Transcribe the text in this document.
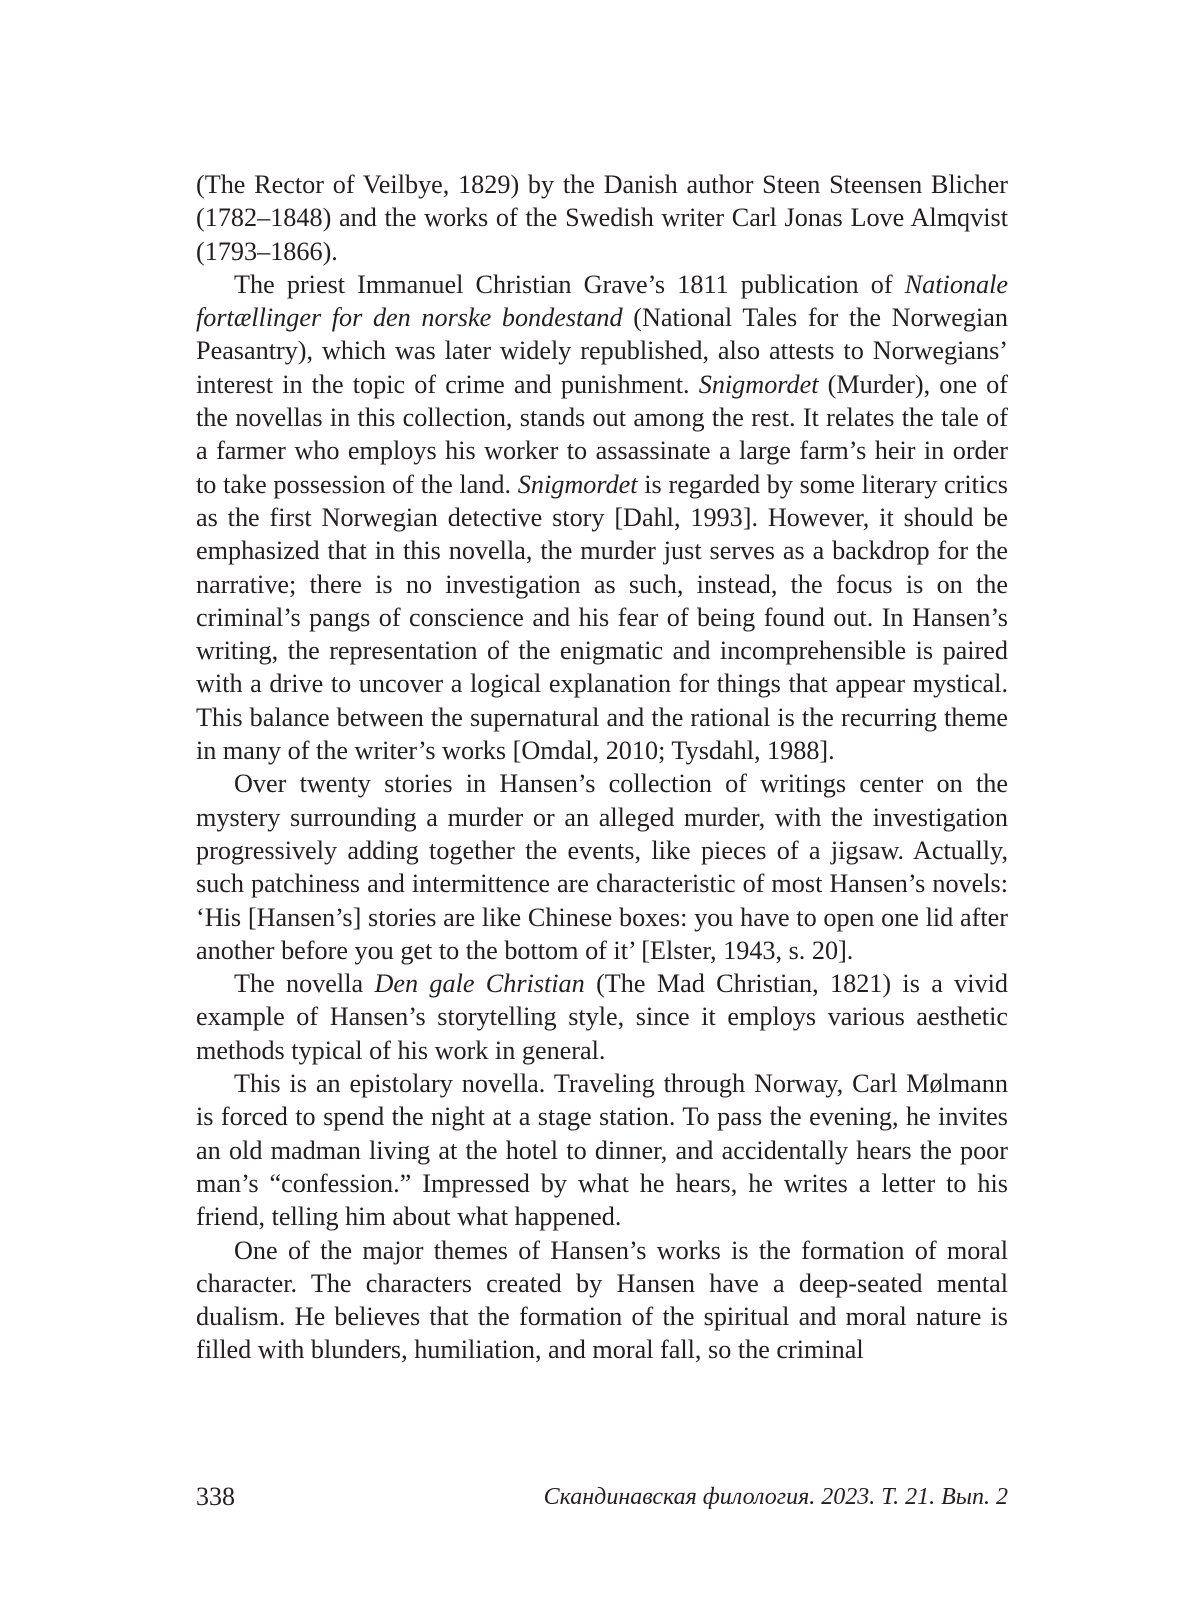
(The Rector of Veilbye, 1829) by the Danish author Steen Steensen Blicher (1782–1848) and the works of the Swedish writer Carl Jonas Love Almqvist (1793–1866).

The priest Immanuel Christian Grave’s 1811 publication of Nationale fortællinger for den norske bondestand (National Tales for the Norwegian Peasantry), which was later widely republished, also attests to Norwegians’ interest in the topic of crime and punishment. Snigmordet (Murder), one of the novellas in this collection, stands out among the rest. It relates the tale of a farmer who employs his worker to assassinate a large farm’s heir in order to take possession of the land. Snigmordet is regarded by some literary critics as the first Norwegian detective story [Dahl, 1993]. However, it should be emphasized that in this novella, the murder just serves as a backdrop for the narrative; there is no investigation as such, instead, the focus is on the criminal’s pangs of conscience and his fear of being found out. In Hansen’s writing, the representation of the enigmatic and incomprehensible is paired with a drive to uncover a logical explanation for things that appear mystical. This balance between the supernatural and the rational is the recurring theme in many of the writer’s works [Omdal, 2010; Tysdahl, 1988].

Over twenty stories in Hansen’s collection of writings center on the mystery surrounding a murder or an alleged murder, with the investigation progressively adding together the events, like pieces of a jigsaw. Actually, such patchiness and intermittence are characteristic of most Hansen’s novels: ‘His [Hansen’s] stories are like Chinese boxes: you have to open one lid after another before you get to the bottom of it’ [Elster, 1943, s. 20].

The novella Den gale Christian (The Mad Christian, 1821) is a vivid example of Hansen’s storytelling style, since it employs various aesthetic methods typical of his work in general.

This is an epistolary novella. Traveling through Norway, Carl Mølmann is forced to spend the night at a stage station. To pass the evening, he invites an old madman living at the hotel to dinner, and accidentally hears the poor man’s “confession.” Impressed by what he hears, he writes a letter to his friend, telling him about what happened.

One of the major themes of Hansen’s works is the formation of moral character. The characters created by Hansen have a deep-seated mental dualism. He believes that the formation of the spiritual and moral nature is filled with blunders, humiliation, and moral fall, so the criminal

338	Скандинавская филология. 2023. Т. 21. Вып. 2
